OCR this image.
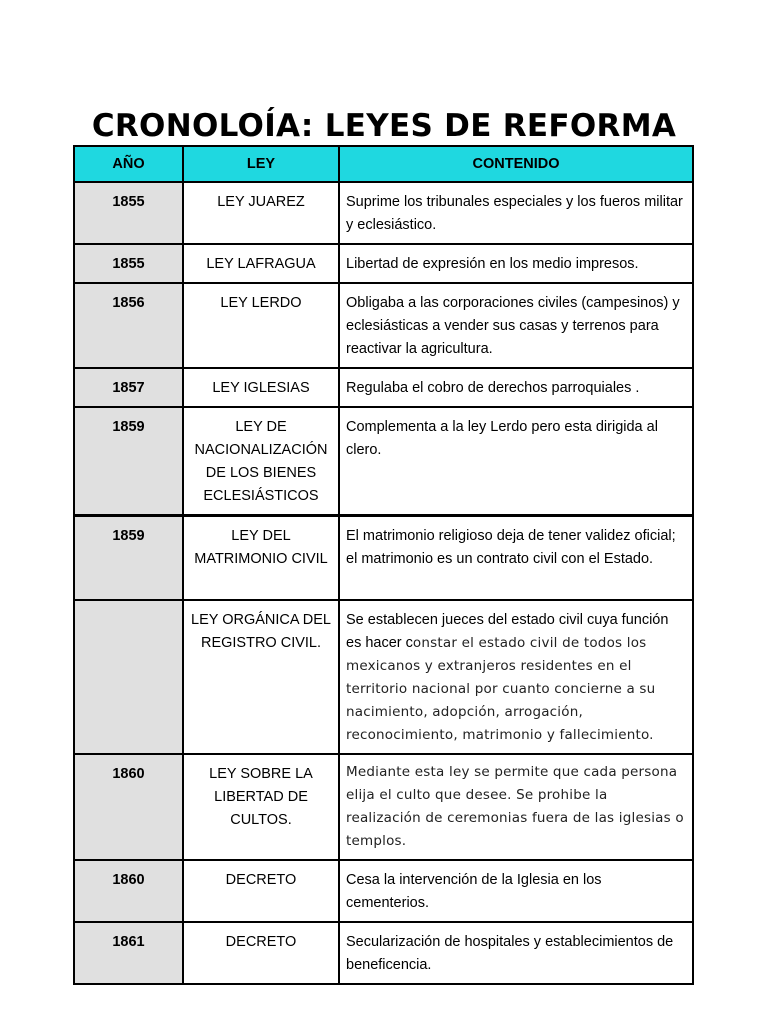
CRONOLOÍA: LEYES DE REFORMA
AÑO	LEY	CONTENIDO
1855	LEY JUAREZ	Suprime los tribunales especiales y los fueros militar y eclesiástico.
1855	LEY LAFRAGUA	Libertad de expresión en los medio impresos.
1856	LEY LERDO	Obligaba a las corporaciones civiles (campesinos) y eclesiásticas a vender sus casas y terrenos para reactivar la agricultura.
1857	LEY IGLESIAS	Regulaba el cobro de derechos parroquiales .
1859	LEY DE NACIONALIZACIÓN DE LOS BIENES ECLESIÁSTICOS	Complementa a la ley Lerdo pero esta dirigida al clero.
1859	LEY DEL MATRIMONIO CIVIL	El matrimonio religioso deja de tener validez oficial; el matrimonio es un contrato civil con el Estado.
	LEY ORGÁNICA DEL REGISTRO CIVIL.	Se establecen jueces del estado civil cuya función es hacer constar el estado civil de todos los mexicanos y extranjeros residentes en el territorio nacional por cuanto concierne a su nacimiento, adopción, arrogación, reconocimiento, matrimonio y fallecimiento.
1860	LEY SOBRE LA LIBERTAD DE CULTOS.	Mediante esta ley se permite que cada persona elija el culto que desee. Se prohibe la realización de ceremonias fuera de las iglesias o templos.
1860	DECRETO	Cesa la intervención de la Iglesia en los cementerios.
1861	DECRETO	Secularización de hospitales y establecimientos de beneficencia.
